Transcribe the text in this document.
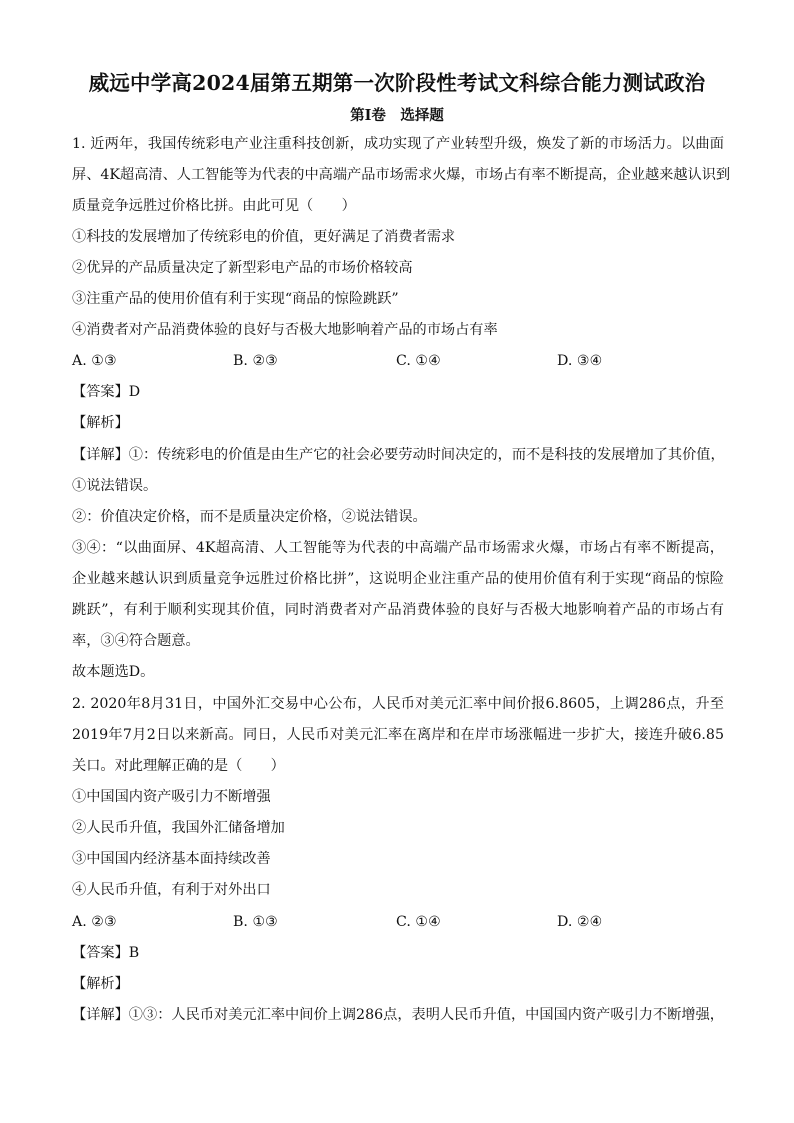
威远中学高2024届第五期第一次阶段性考试文科综合能力测试政治
第Ⅰ卷　选择题
1. 近两年，我国传统彩电产业注重科技创新，成功实现了产业转型升级，焕发了新的市场活力。以曲面
屏、4K超高清、人工智能等为代表的中高端产品市场需求火爆，市场占有率不断提高，企业越来越认识到
质量竞争远胜过价格比拼。由此可见（　　）
①科技的发展增加了传统彩电的价值，更好满足了消费者需求
②优异的产品质量决定了新型彩电产品的市场价格较高
③注重产品的使用价值有利于实现“商品的惊险跳跃”
④消费者对产品消费体验的良好与否极大地影响着产品的市场占有率
A. ①③	B. ②③	C. ①④	D. ③④
【答案】D
【解析】
【详解】①：传统彩电的价值是由生产它的社会必要劳动时间决定的，而不是科技的发展增加了其价值，
①说法错误。
②：价值决定价格，而不是质量决定价格，②说法错误。
③④：“以曲面屏、4K超高清、人工智能等为代表的中高端产品市场需求火爆，市场占有率不断提高，
企业越来越认识到质量竞争远胜过价格比拼”，这说明企业注重产品的使用价值有利于实现“商品的惊险
跳跃”，有利于顺利实现其价值，同时消费者对产品消费体验的良好与否极大地影响着产品的市场占有
率，③④符合题意。
故本题选D。
2. 2020年8月31日，中国外汇交易中心公布，人民币对美元汇率中间价报6.8605，上调286点，升至
2019年7月2日以来新高。同日，人民币对美元汇率在离岸和在岸市场涨幅进一步扩大，接连升破6.85
关口。对此理解正确的是（　　）
①中国国内资产吸引力不断增强
②人民币升值，我国外汇储备增加
③中国国内经济基本面持续改善
④人民币升值，有利于对外出口
A. ②③	B. ①③	C. ①④	D. ②④
【答案】B
【解析】
【详解】①③：人民币对美元汇率中间价上调286点，表明人民币升值，中国国内资产吸引力不断增强，
